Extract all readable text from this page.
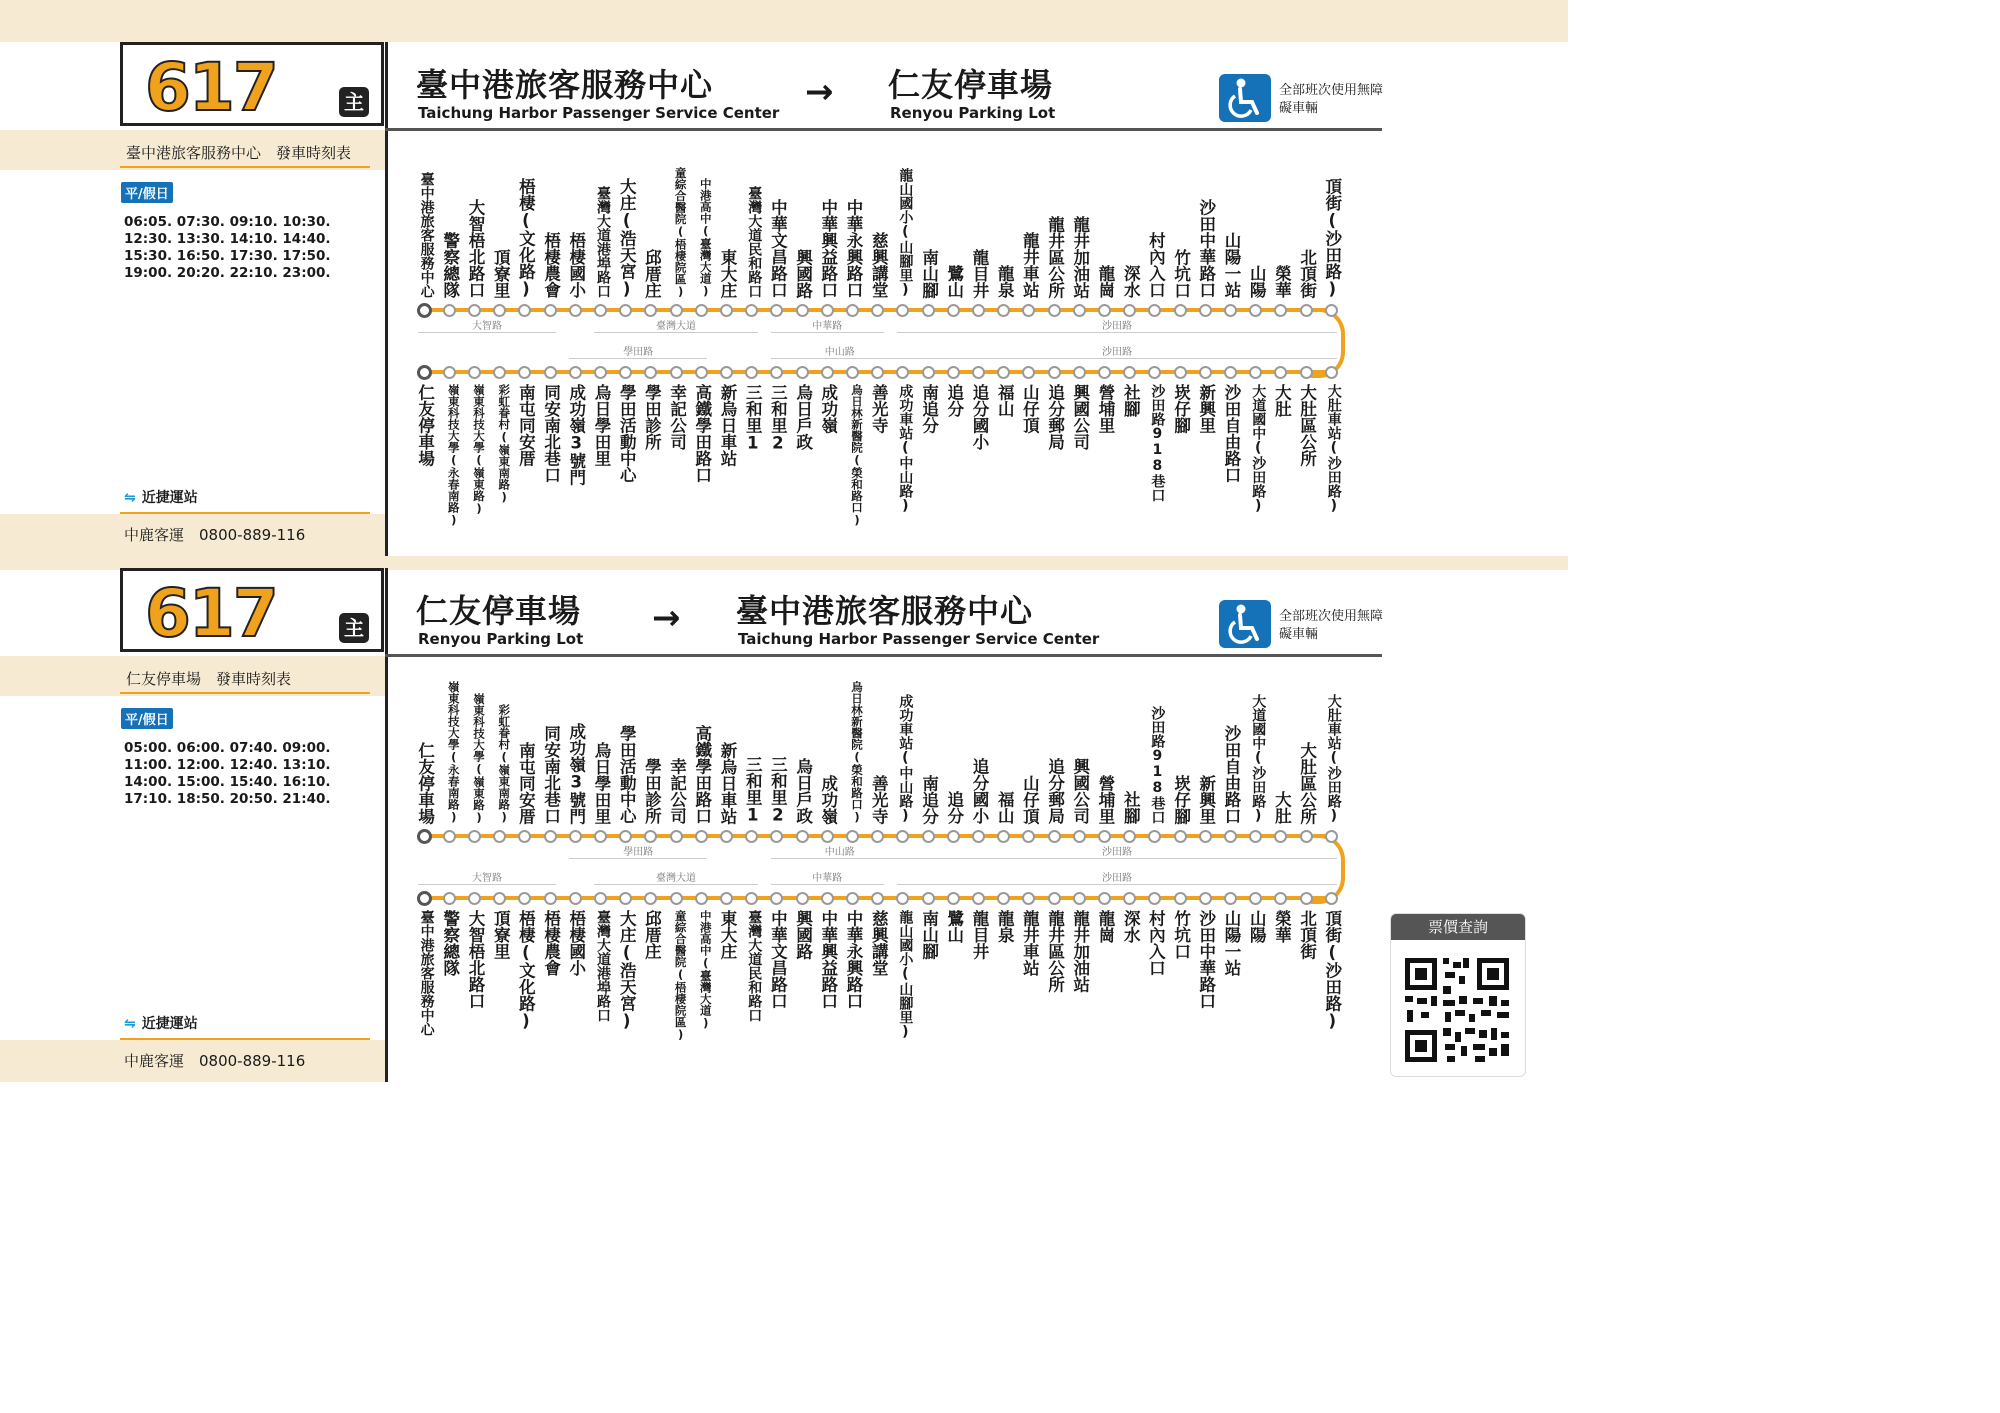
617	主 臺中港旅客服務中心
Taichung Harbor Passenger Service Center
→ 仁友停車場
Renyou Parking Lot
全部班次使用無障礙車輛
臺中港旅客服務中心　發車時刻表
平/假日
06:05. 07:30. 09:10. 10:30. 12:30. 13:30. 14:10. 14:40. 15:30. 16:50. 17:30. 17:50. 19:00. 20:20. 22:10. 23:00.
⇋ 近捷運站
中鹿客運　0800-889-116
大智路	臺灣大道	中華路	沙田路
學田路	中山路	沙田路
臺中港旅客服務中心 警察總隊 大智梧北路口 頂寮里 梧棲(文化路) 梧棲農會 梧棲國小 臺灣大道港埠路口 大庄(浩天宮) 邱厝庄	童綜合醫院(梧棲院區) 中港高中(臺灣大道) 東大庄 臺灣大道民和路口 中華文昌路口 興國路 中華興益路口 中華永興路口 慈興講堂 龍山國小(山腳里) 南山腳 鷺山 龍目井 龍泉 龍井車站 龍井區公所 龍井加油站 龍崗 深水 村內入口 竹坑口 沙田中華路口 山陽一站 山陽 榮華 北頂街 頂街(沙田路)
仁友停車場	嶺東科技大學(永春南路) 嶺東科技大學(嶺東路) 彩虹眷村(嶺東南路) 南屯同安厝 同安南北巷口 成功嶺3號門 烏日學田里 學田活動中心 學田診所 幸記公司 高鐵學田路口 新烏日車站 三和里1 三和里2 烏日戶政 成功嶺	烏日林新醫院(榮和路口) 善光寺 成功車站(中山路) 南追分 追分 追分國小 福山 山仔頂 追分郵局 興國公司 營埔里 社腳 沙田路918巷口 崁仔腳 新興里 沙田自由路口 大道國中(沙田路) 大肚 大肚區公所 大肚車站(沙田路)
617	主 仁友停車場
Renyou Parking Lot
→ 臺中港旅客服務中心
Taichung Harbor Passenger Service Center
全部班次使用無障礙車輛
仁友停車場　發車時刻表
平/假日
05:00. 06:00. 07:40. 09:00. 11:00. 12:00. 12:40. 13:10. 14:00. 15:00. 15:40. 16:10. 17:10. 18:50. 20:50. 21:40.
⇋ 近捷運站
中鹿客運　0800-889-116
學田路	中山路	沙田路
大智路	臺灣大道	中華路	沙田路
仁友停車場	嶺東科技大學(永春南路) 嶺東科技大學(嶺東路) 彩虹眷村(嶺東南路) 南屯同安厝 同安南北巷口 成功嶺3號門 烏日學田里 學田活動中心 學田診所 幸記公司 高鐵學田路口 新烏日車站 三和里1 三和里2 烏日戶政 成功嶺	烏日林新醫院(榮和路口) 善光寺 成功車站(中山路) 南追分 追分 追分國小 福山 山仔頂 追分郵局 興國公司 營埔里 社腳 沙田路918巷口 崁仔腳 新興里 沙田自由路口 大道國中(沙田路) 大肚 大肚區公所 大肚車站(沙田路)
臺中港旅客服務中心 警察總隊 大智梧北路口 頂寮里 梧棲(文化路) 梧棲農會 梧棲國小 臺灣大道港埠路口 大庄(浩天宮) 邱厝庄	童綜合醫院(梧棲院區) 中港高中(臺灣大道) 東大庄 臺灣大道民和路口 中華文昌路口 興國路 中華興益路口 中華永興路口 慈興講堂 龍山國小(山腳里) 南山腳 鷺山 龍目井 龍泉 龍井車站 龍井區公所 龍井加油站 龍崗 深水 村內入口 竹坑口 沙田中華路口 山陽一站 山陽 榮華 北頂街 頂街(沙田路)	票價查詢
